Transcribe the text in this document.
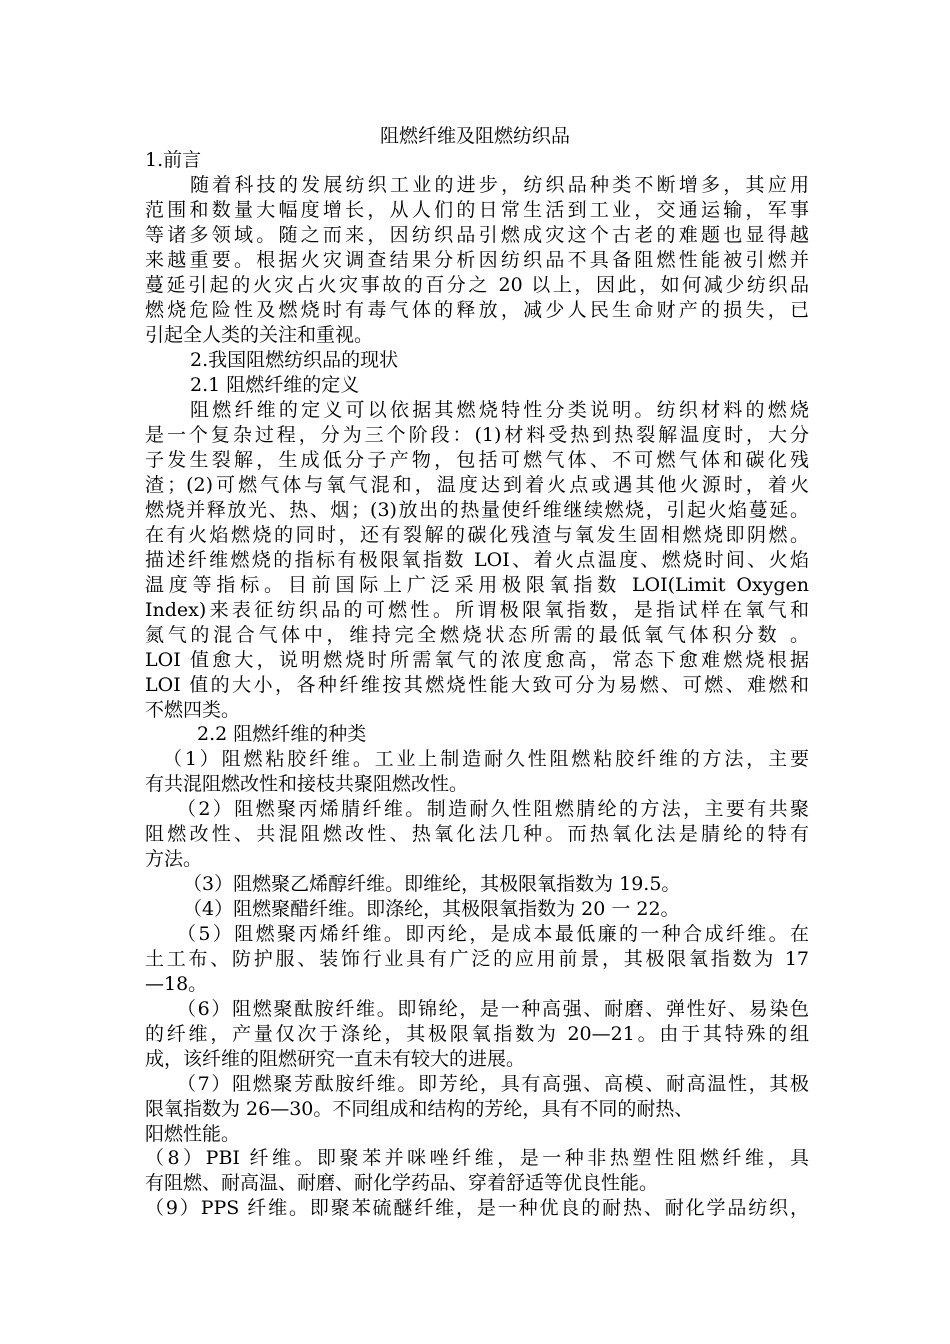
阻燃纤维及阻燃纺织品
1.前言
随着科技的发展纺织工业的进步，纺织品种类不断增多，其应用
范围和数量大幅度增长，从人们的日常生活到工业，交通运输，军事
等诸多领域。随之而来，因纺织品引燃成灾这个古老的难题也显得越
来越重要。根据火灾调查结果分析因纺织品不具备阻燃性能被引燃并
蔓延引起的火灾占火灾事故的百分之 20 以上，因此，如何减少纺织品
燃烧危险性及燃烧时有毒气体的释放，减少人民生命财产的损失，已
引起全人类的关注和重视。
2.我国阻燃纺织品的现状
2.1 阻燃纤维的定义
阻燃纤维的定义可以依据其燃烧特性分类说明。纺织材料的燃烧
是一个复杂过程，分为三个阶段：(1)材料受热到热裂解温度时，大分
子发生裂解，生成低分子产物，包括可燃气体、不可燃气体和碳化残
渣；(2)可燃气体与氧气混和，温度达到着火点或遇其他火源时，着火
燃烧并释放光、热、烟；(3)放出的热量使纤维继续燃烧，引起火焰蔓延。
在有火焰燃烧的同时，还有裂解的碳化残渣与氧发生固相燃烧即阴燃。
描述纤维燃烧的指标有极限氧指数 LOI、着火点温度、燃烧时间、火焰
温度等指标。目前国际上广泛采用极限氧指数 LOI(Limit Oxygen
Index)来表征纺织品的可燃性。所谓极限氧指数，是指试样在氧气和
氮气的混合气体中，维持完全燃烧状态所需的最低氧气体积分数 。
LOI 值愈大，说明燃烧时所需氧气的浓度愈高，常态下愈难燃烧根据
LOI 值的大小，各种纤维按其燃烧性能大致可分为易燃、可燃、难燃和
不燃四类。
2.2 阻燃纤维的种类
（1）阻燃粘胶纤维。工业上制造耐久性阻燃粘胶纤维的方法，主要
有共混阻燃改性和接枝共聚阻燃改性。
（2）阻燃聚丙烯腈纤维。制造耐久性阻燃腈纶的方法，主要有共聚
阻燃改性、共混阻燃改性、热氧化法几种。而热氧化法是腈纶的特有
方法。
（3）阻燃聚乙烯醇纤维。即维纶，其极限氧指数为 19.5。
（4）阻燃聚醋纤维。即涤纶，其极限氧指数为 20 一 22。
（5）阻燃聚丙烯纤维。即丙纶，是成本最低廉的一种合成纤维。在
土工布、防护服、装饰行业具有广泛的应用前景，其极限氧指数为 17
—18。
（6）阻燃聚酞胺纤维。即锦纶，是一种高强、耐磨、弹性好、易染色
的纤维，产量仅次于涤纶，其极限氧指数为 20—21。由于其特殊的组
成，该纤维的阻燃研究一直未有较大的进展。
（7）阻燃聚芳酞胺纤维。即芳纶，具有高强、高模、耐高温性，其极
限氧指数为 26—30。不同组成和结构的芳纶，具有不同的耐热、
阳燃性能。
（8）PBI 纤维。即聚苯并咪唑纤维，是一种非热塑性阻燃纤维，具
有阻燃、耐高温、耐磨、耐化学药品、穿着舒适等优良性能。
（9）PPS 纤维。即聚苯硫醚纤维，是一种优良的耐热、耐化学品纺织，
